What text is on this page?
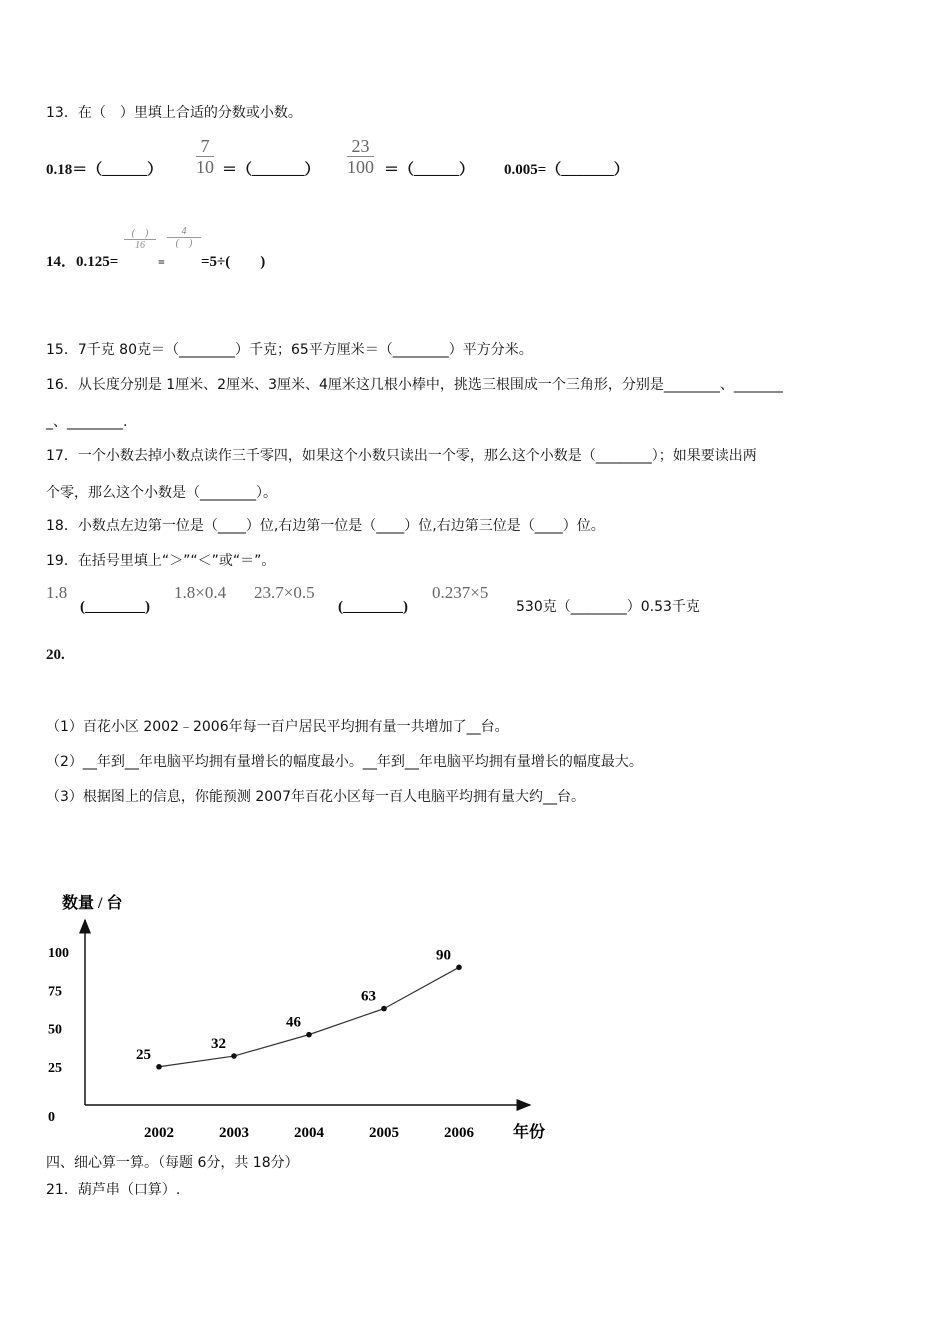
13．在（　）里填上合适的分数或小数。
0.18＝（______） $\frac{7}{10}$ ＝（_______） $\frac{23}{100}$ ＝（______） 0.005=（_______）
14．0.125=
(　)
16
=
4
(　)
=5÷(　　)
15．7千克 80克＝（________）千克；65平方厘米＝（________）平方分米。
16．从长度分别是 1厘米、2厘米、3厘米、4厘米这几根小棒中，挑选三根围成一个三角形，分别是________、_______
_、________.
17．一个小数去掉小数点读作三千零四，如果这个小数只读出一个零，那么这个小数是（________）；如果要读出两
个零，那么这个小数是（________）。
18．小数点左边第一位是（____）位,右边第一位是（____）位,右边第三位是（____）位。
19．在括号里填上“＞”“＜”或“＝”。
1.8
(________)
1.8×0.4 23.7×0.5
(________)
0.237×5
530克（________）0.53千克
20.
（1）百花小区 2002﹣2006年每一百户居民平均拥有量一共增加了__台。
（2）__年到__年电脑平均拥有量增长的幅度最小。__年到__年电脑平均拥有量增长的幅度最大。
（3）根据图上的信息，你能预测 2007年百花小区每一百人电脑平均拥有量大约__台。
数量 / 台
年份
0
25
50
75
100
2002	2003	2004	2005	2006
25
32
46
63
90
四、细心算一算。（每题 6分，共 18分）
21．葫芦串（口算）.
